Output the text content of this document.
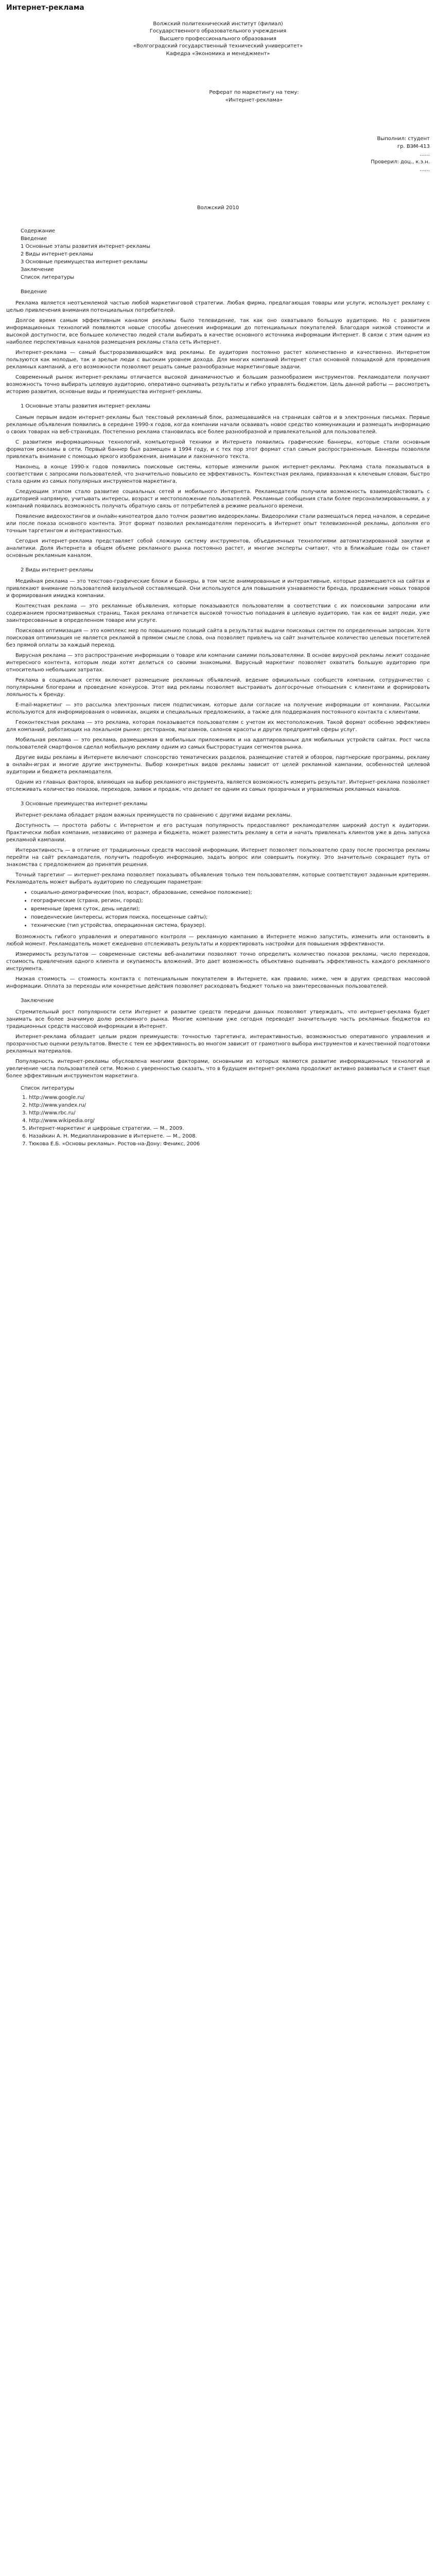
Интернет-реклама

Волжский политехнический институт (филиал)

Государственного образовательного учреждения

Высшего профессионального образования

«Волгоградский государственный технический университет»

Кафедра «Экономика и менеджмент»

Реферат по маркетингу на тему:

«Интернет-реклама»

Выполнил: студент

гр. ВЭМ-413

……

Проверил: доц., к.э.н.

……

Волжский 2010

Содержание

Введение

1 Основные этапы развития интернет-рекламы

2 Виды интернет-рекламы

3 Основные преимущества интернет-рекламы

Заключение

Список литературы

Введение

Реклама является неотъемлемой частью любой маркетинговой стратегии. Любая фирма, предлагающая товары или услуги, использует рекламу с целью привлечения внимания потенциальных потребителей.

Долгое время самым эффективным каналом рекламы было телевидение, так как оно охватывало большую аудиторию. Но с развитием информационных технологий появляются новые способы донесения информации до потенциальных покупателей. Благодаря низкой стоимости и высокой доступности, все большее количество людей стали выбирать в качестве основного источника информации Интернет. В связи с этим одним из наиболее перспективных каналов размещения рекламы стала сеть Интернет.

Интернет-реклама — самый быстроразвивающийся вид рекламы. Ее аудитория постоянно растет количественно и качественно. Интернетом пользуются как молодые, так и зрелые люди с высоким уровнем дохода. Для многих компаний Интернет стал основной площадкой для проведения рекламных кампаний, а его возможности позволяют решать самые разнообразные маркетинговые задачи.

Современный рынок интернет-рекламы отличается высокой динамичностью и большим разнообразием инструментов. Рекламодатели получают возможность точно выбирать целевую аудиторию, оперативно оценивать результаты и гибко управлять бюджетом. Цель данной работы — рассмотреть историю развития, основные виды и преимущества интернет-рекламы.

1 Основные этапы развития интернет-рекламы

Самым первым видом интернет-рекламы был текстовый рекламный блок, размещавшийся на страницах сайтов и в электронных письмах. Первые рекламные объявления появились в середине 1990-х годов, когда компании начали осваивать новое средство коммуникации и размещать информацию о своих товарах на веб-страницах. Постепенно реклама становилась все более разнообразной и привлекательной для пользователей.

С развитием информационных технологий, компьютерной техники и Интернета появились графические баннеры, которые стали основным форматом рекламы в сети. Первый баннер был размещен в 1994 году, и с тех пор этот формат стал самым распространенным. Баннеры позволяли привлекать внимание с помощью яркого изображения, анимации и лаконичного текста.

Наконец, в конце 1990-х годов появились поисковые системы, которые изменили рынок интернет-рекламы. Реклама стала показываться в соответствии с запросами пользователей, что значительно повысило ее эффективность. Контекстная реклама, привязанная к ключевым словам, быстро стала одним из самых популярных инструментов маркетинга.

Следующим этапом стало развитие социальных сетей и мобильного Интернета. Рекламодатели получили возможность взаимодействовать с аудиторией напрямую, учитывать интересы, возраст и местоположение пользователей. Рекламные сообщения стали более персонализированными, а у компаний появилась возможность получать обратную связь от потребителей в режиме реального времени.

Появление видеохостингов и онлайн-кинотеатров дало толчок развитию видеорекламы. Видеоролики стали размещаться перед началом, в середине или после показа основного контента. Этот формат позволил рекламодателям переносить в Интернет опыт телевизионной рекламы, дополняя его точным таргетингом и интерактивностью.

Сегодня интернет-реклама представляет собой сложную систему инструментов, объединенных технологиями автоматизированной закупки и аналитики. Доля Интернета в общем объеме рекламного рынка постоянно растет, и многие эксперты считают, что в ближайшие годы он станет основным рекламным каналом.

2 Виды интернет-рекламы

Медийная реклама — это текстово-графические блоки и баннеры, в том числе анимированные и интерактивные, которые размещаются на сайтах и привлекают внимание пользователей визуальной составляющей. Они используются для повышения узнаваемости бренда, продвижения новых товаров и формирования имиджа компании.

Контекстная реклама — это рекламные объявления, которые показываются пользователям в соответствии с их поисковыми запросами или содержанием просматриваемых страниц. Такая реклама отличается высокой точностью попадания в целевую аудиторию, так как ее видят люди, уже заинтересованные в определенном товаре или услуге.

Поисковая оптимизация — это комплекс мер по повышению позиций сайта в результатах выдачи поисковых систем по определенным запросам. Хотя поисковая оптимизация не является рекламой в прямом смысле слова, она позволяет привлечь на сайт значительное количество целевых посетителей без прямой оплаты за каждый переход.

Вирусная реклама — это распространение информации о товаре или компании самими пользователями. В основе вирусной рекламы лежит создание интересного контента, которым люди хотят делиться со своими знакомыми. Вирусный маркетинг позволяет охватить большую аудиторию при относительно небольших затратах.

Реклама в социальных сетях включает размещение рекламных объявлений, ведение официальных сообществ компании, сотрудничество с популярными блогерами и проведение конкурсов. Этот вид рекламы позволяет выстраивать долгосрочные отношения с клиентами и формировать лояльность к бренду.

E-mail-маркетинг — это рассылка электронных писем подписчикам, которые дали согласие на получение информации от компании. Рассылки используются для информирования о новинках, акциях и специальных предложениях, а также для поддержания постоянного контакта с клиентами.

Геоконтекстная реклама — это реклама, которая показывается пользователям с учетом их местоположения. Такой формат особенно эффективен для компаний, работающих на локальном рынке: ресторанов, магазинов, салонов красоты и других предприятий сферы услуг.

Мобильная реклама — это реклама, размещаемая в мобильных приложениях и на адаптированных для мобильных устройств сайтах. Рост числа пользователей смартфонов сделал мобильную рекламу одним из самых быстрорастущих сегментов рынка.

Другие виды рекламы в Интернете включают спонсорство тематических разделов, размещение статей и обзоров, партнерские программы, рекламу в онлайн-играх и многие другие инструменты. Выбор конкретных видов рекламы зависит от целей рекламной кампании, особенностей целевой аудитории и бюджета рекламодателя.

Одним из главных факторов, влияющих на выбор рекламного инструмента, является возможность измерить результат. Интернет-реклама позволяет отслеживать количество показов, переходов, заявок и продаж, что делает ее одним из самых прозрачных и управляемых рекламных каналов.

3 Основные преимущества интернет-рекламы

Интернет-реклама обладает рядом важных преимуществ по сравнению с другими видами рекламы.

Доступность — простота работы с Интернетом и его растущая популярность предоставляют рекламодателям широкий доступ к аудитории. Практически любая компания, независимо от размера и бюджета, может разместить рекламу в сети и начать привлекать клиентов уже в день запуска рекламной кампании.

Интерактивность — в отличие от традиционных средств массовой информации, Интернет позволяет пользователю сразу после просмотра рекламы перейти на сайт рекламодателя, получить подробную информацию, задать вопрос или совершить покупку. Это значительно сокращает путь от знакомства с предложением до принятия решения.

Точный таргетинг — интернет-реклама позволяет показывать объявления только тем пользователям, которые соответствуют заданным критериям. Рекламодатель может выбрать аудиторию по следующим параметрам:

• социально-демографические (пол, возраст, образование, семейное положение);
• географические (страна, регион, город);
• временные (время суток, день недели);
• поведенческие (интересы, история поиска, посещенные сайты);
• технические (тип устройства, операционная система, браузер).

Возможность гибкого управления и оперативного контроля — рекламную кампанию в Интернете можно запустить, изменить или остановить в любой момент. Рекламодатель может ежедневно отслеживать результаты и корректировать настройки для повышения эффективности.

Измеримость результатов — современные системы веб-аналитики позволяют точно определить количество показов рекламы, число переходов, стоимость привлечения одного клиента и окупаемость вложений. Это дает возможность объективно оценивать эффективность каждого рекламного инструмента.

Низкая стоимость — стоимость контакта с потенциальным покупателем в Интернете, как правило, ниже, чем в других средствах массовой информации. Оплата за переходы или конкретные действия позволяет расходовать бюджет только на заинтересованных пользователей.

Заключение

Стремительный рост популярности сети Интернет и развитие средств передачи данных позволяют утверждать, что интернет-реклама будет занимать все более значимую долю рекламного рынка. Многие компании уже сегодня переводят значительную часть рекламных бюджетов из традиционных средств массовой информации в Интернет.

Интернет-реклама обладает целым рядом преимуществ: точностью таргетинга, интерактивностью, возможностью оперативного управления и прозрачностью оценки результатов. Вместе с тем ее эффективность во многом зависит от грамотного выбора инструментов и качественной подготовки рекламных материалов.

Популярность интернет-рекламы обусловлена многими факторами, основными из которых являются развитие информационных технологий и увеличение числа пользователей сети. Можно с уверенностью сказать, что в будущем интернет-реклама продолжит активно развиваться и станет еще более эффективным инструментом маркетинга.

Список литературы
1. http://www.google.ru/
2. http://www.yandex.ru/
3. http://www.rbc.ru/
4. http://www.wikipedia.org/
5. Интернет-маркетинг и цифровые стратегии. — М., 2009.
6. Назайкин А. Н. Медиапланирование в Интернете. — М., 2008.
7. Тюкова Е.Б. «Основы рекламы». Ростов-на-Дону: Феникс, 2006
